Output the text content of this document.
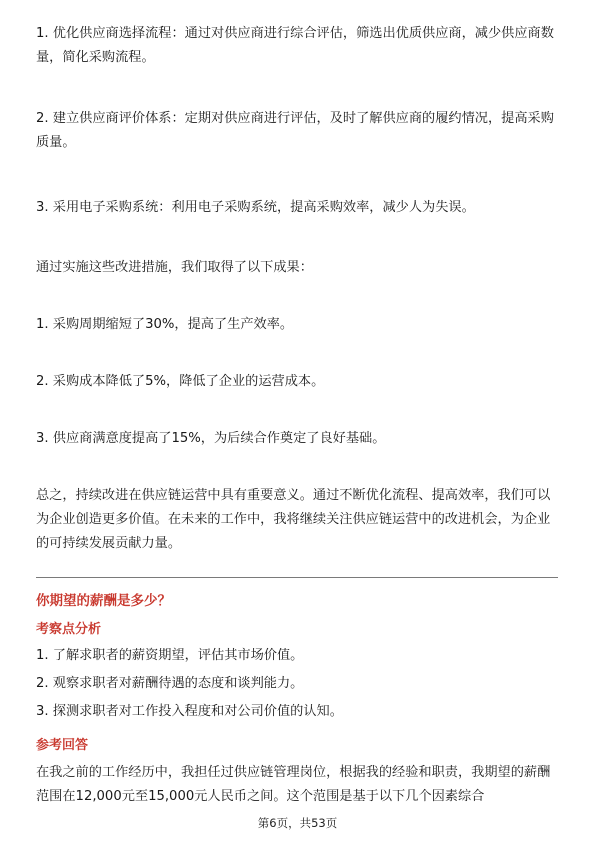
1. 优化供应商选择流程：通过对供应商进行综合评估，筛选出优质供应商，减少供应商数量，简化采购流程。

2. 建立供应商评价体系：定期对供应商进行评估，及时了解供应商的履约情况，提高采购质量。

3. 采用电子采购系统：利用电子采购系统，提高采购效率，减少人为失误。

通过实施这些改进措施，我们取得了以下成果：

1. 采购周期缩短了30%，提高了生产效率。

2. 采购成本降低了5%，降低了企业的运营成本。

3. 供应商满意度提高了15%，为后续合作奠定了良好基础。

总之，持续改进在供应链运营中具有重要意义。通过不断优化流程、提高效率，我们可以为企业创造更多价值。在未来的工作中，我将继续关注供应链运营中的改进机会，为企业的可持续发展贡献力量。

你期望的薪酬是多少？

考察点分析

1. 了解求职者的薪资期望，评估其市场价值。

2. 观察求职者对薪酬待遇的态度和谈判能力。

3. 探测求职者对工作投入程度和对公司价值的认知。

参考回答

在我之前的工作经历中，我担任过供应链管理岗位，根据我的经验和职责，我期望的薪酬范围在12,000元至15,000元人民币之间。这个范围是基于以下几个因素综合

第6页，共53页
